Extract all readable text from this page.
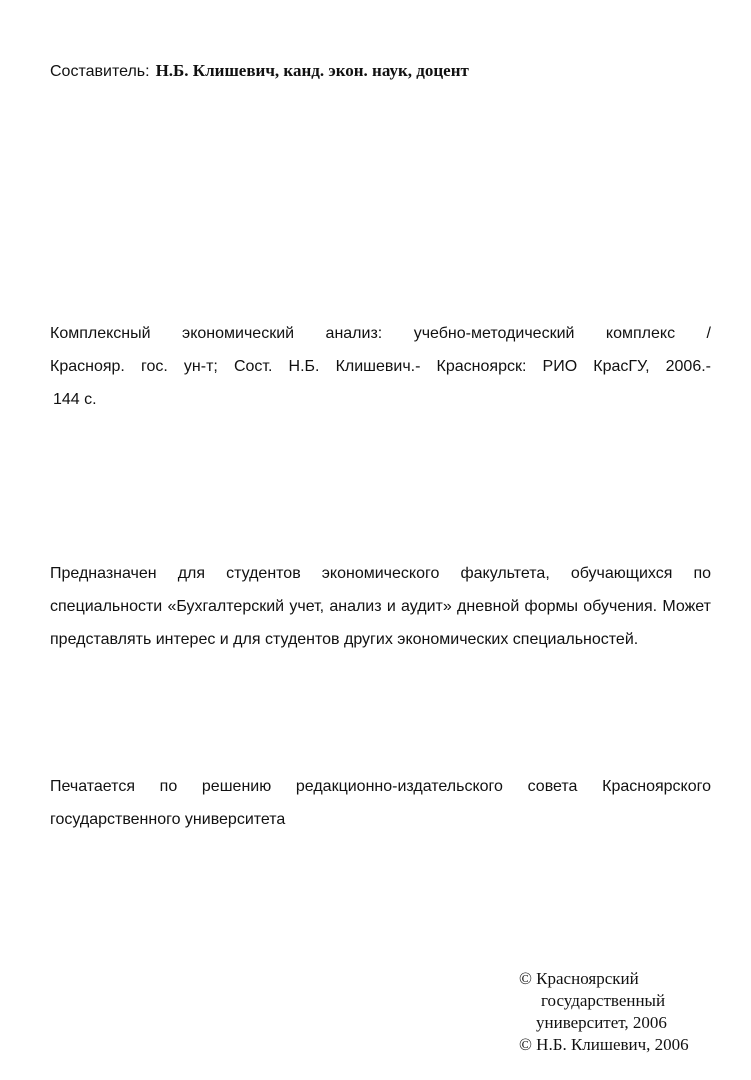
Составитель: Н.Б. Клишевич, канд. экон. наук, доцент
Комплексный экономический анализ: учебно-методический комплекс /
Краснояр. гос. ун-т; Сост. Н.Б. Клишевич.- Красноярск: РИО КрасГУ, 2006.-
144 с.
Предназначен для студентов экономического факультета, обучающихся по специальности «Бухгалтерский учет, анализ и аудит» дневной формы обучения. Может представлять интерес и для студентов других экономических специальностей.
Печатается по решению редакционно-издательского совета Красноярского государственного университета
© Красноярский
государственный
университет, 2006
© Н.Б. Клишевич, 2006
